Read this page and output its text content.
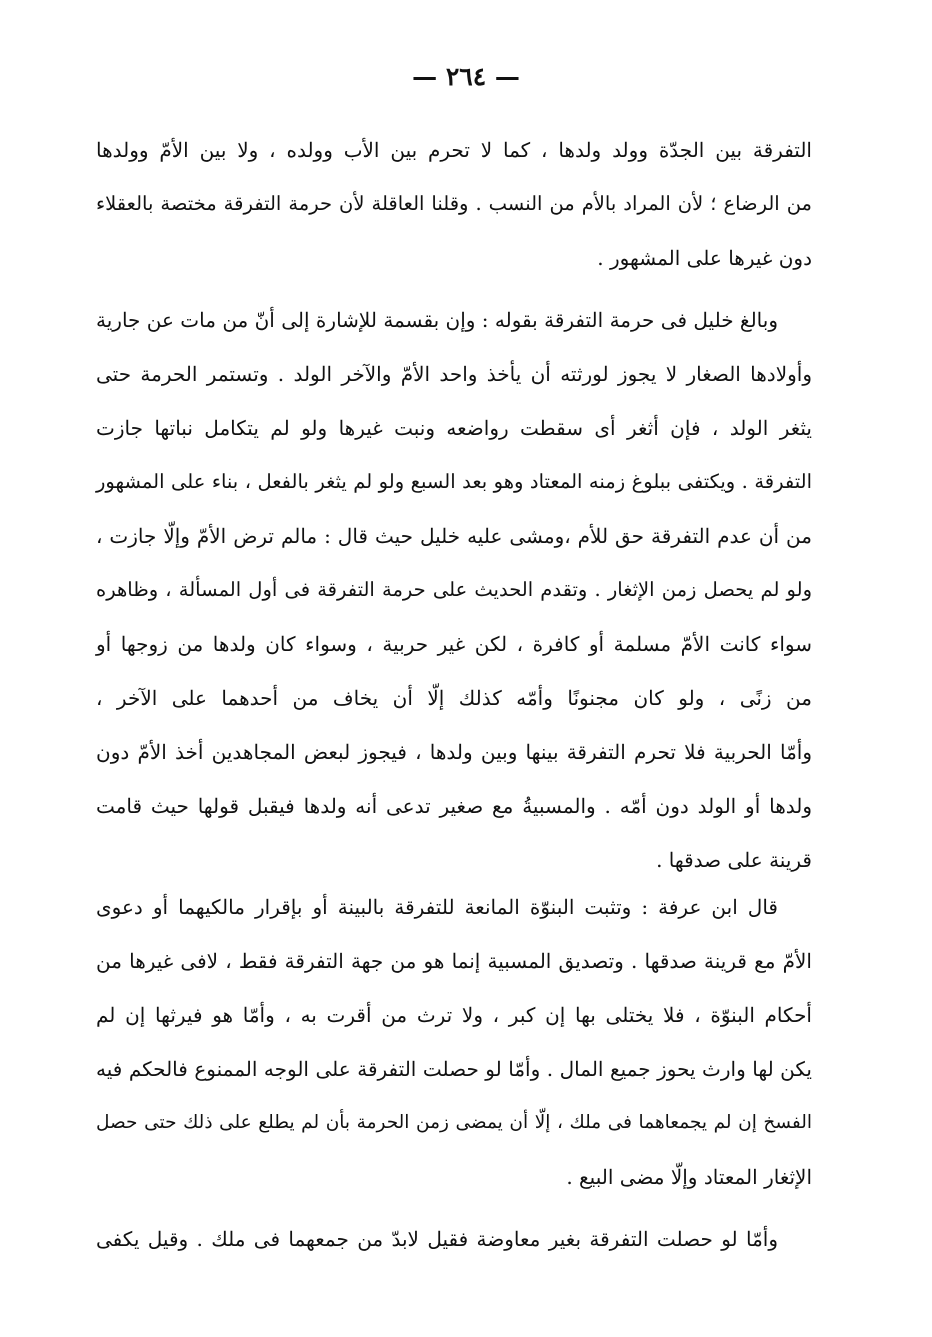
— ٢٦٤ —
التفرقة بين الجدّة وولد ولدها ، كما لا تحرم بين الأب وولده ، ولا بين الأمّ وولدها
من الرضاع ؛ لأن المراد بالأم من النسب . وقلنا العاقلة لأن حرمة التفرقة مختصة بالعقلاء
دون غيرها على المشهور .
وبالغ خليل فى حرمة التفرقة بقوله : وإن بقسمة للإشارة إلى أنّ من مات عن جارية
وأولادها الصغار لا يجوز لورثته أن يأخذ واحد الأمّ والآخر الولد . وتستمر الحرمة حتى
يثغر الولد ، فإن أثغر أى سقطت رواضعه ونبت غيرها ولو لم يتكامل نباتها جازت
التفرقة . ويكتفى ببلوغ زمنه المعتاد وهو بعد السبع ولو لم يثغر بالفعل ، بناء على المشهور
من أن عدم التفرقة حق للأم ،ومشى عليه خليل حيث قال : مالم ترض الأمّ وإلّا جازت ،
ولو لم يحصل زمن الإثغار . وتقدم الحديث على حرمة التفرقة فى أول المسألة ، وظاهره
سواء كانت الأمّ مسلمة أو كافرة ، لكن غير حربية ، وسواء كان ولدها من زوجها أو
من زنًى ، ولو كان مجنونًا وأمّه كذلك إلّا أن يخاف من أحدهما على الآخر ،
وأمّا الحربية فلا تحرم التفرقة بينها وبين ولدها ، فيجوز لبعض المجاهدين أخذ الأمّ دون
ولدها أو الولد دون أمّه . والمسبيةُ مع صغير تدعى أنه ولدها فيقبل قولها حيث قامت
قرينة على صدقها .
قال ابن عرفة : وتثبت البنوّة المانعة للتفرقة بالبينة أو بإقرار مالكيهما أو دعوى
الأمّ مع قرينة صدقها . وتصديق المسبية إنما هو من جهة التفرقة فقط ، لافى غيرها من
أحكام البنوّة ، فلا يختلى بها إن كبر ، ولا ترث من أقرت به ، وأمّا هو فيرثها إن لم
يكن لها وارث يحوز جميع المال . وأمّا لو حصلت التفرقة على الوجه الممنوع فالحكم فيه
الفسخ إن لم يجمعاهما فى ملك ، إلّا أن يمضى زمن الحرمة بأن لم يطلع على ذلك حتى حصل
الإثغار المعتاد وإلّا مضى البيع .
وأمّا لو حصلت التفرقة بغير معاوضة فقيل لابدّ من جمعهما فى ملك . وقيل يكفى
